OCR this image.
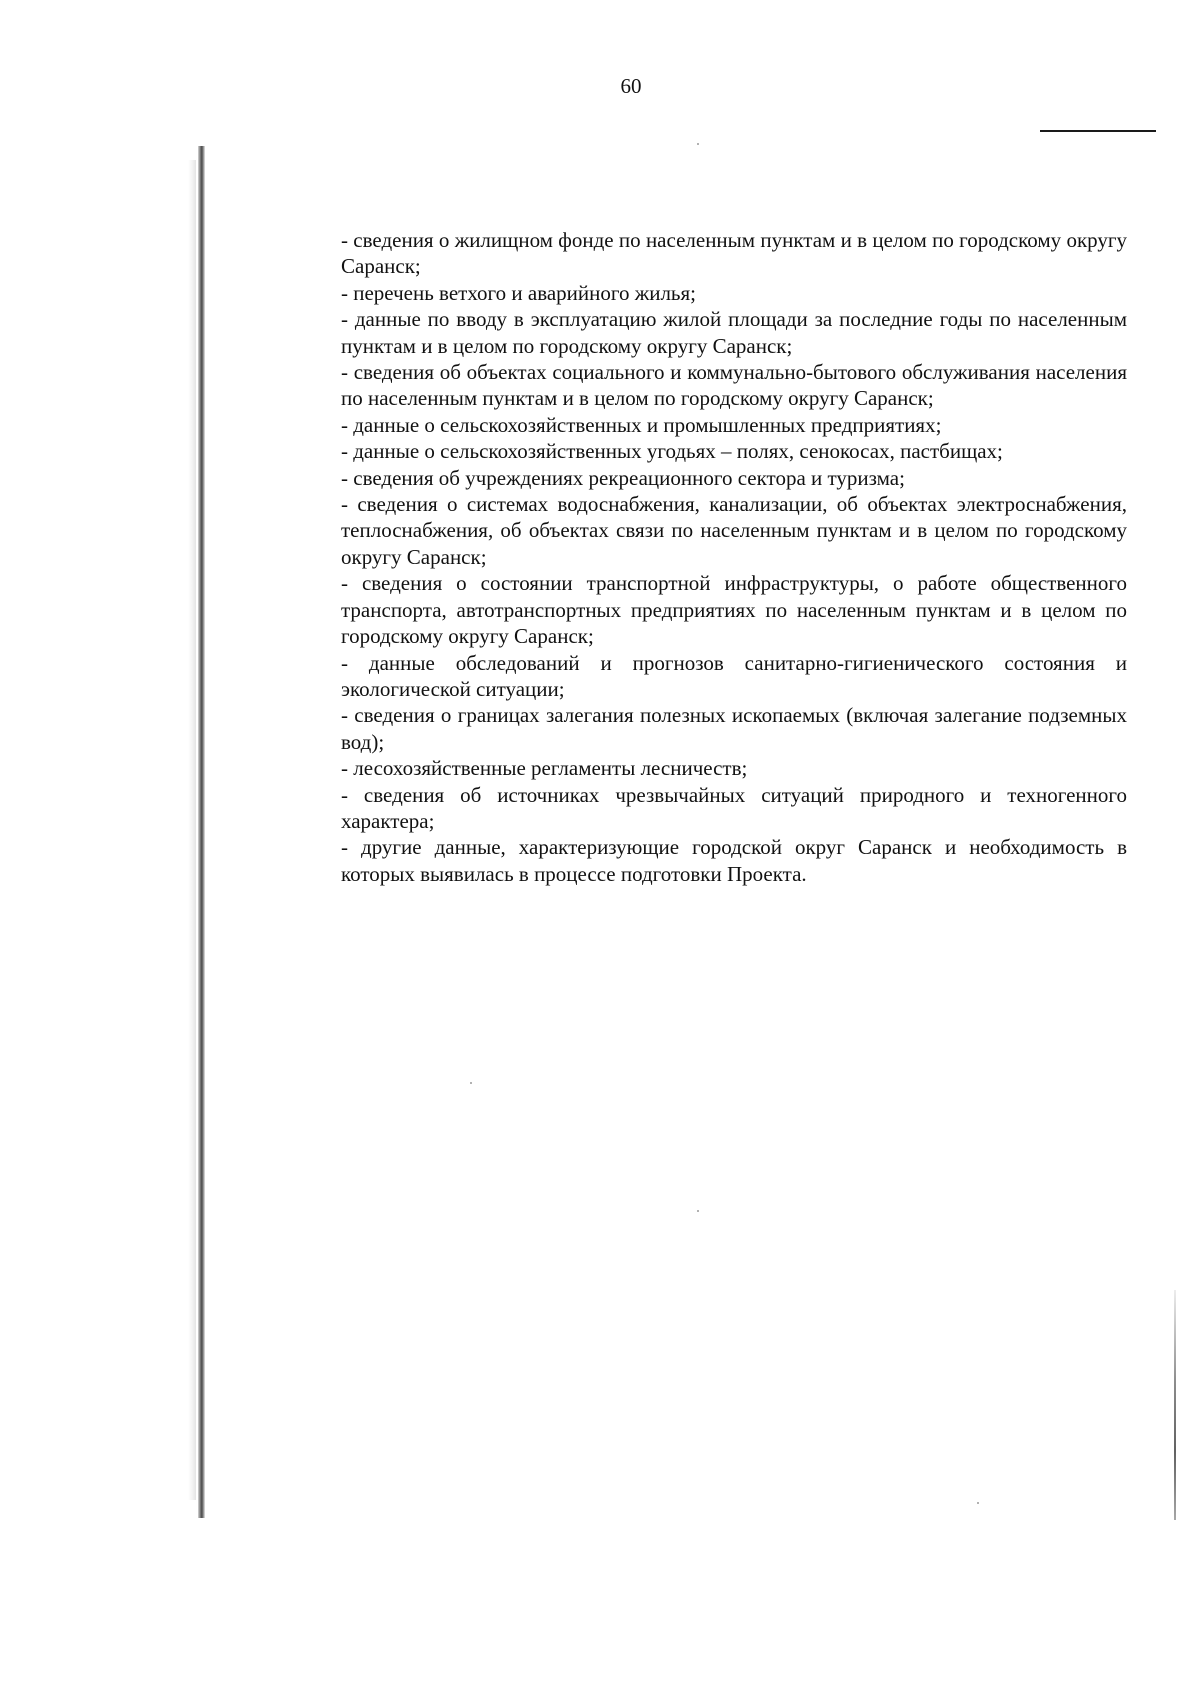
60

- сведения о жилищном фонде по населенным пунктам и в целом по городскому округу Саранск;

- перечень ветхого и аварийного жилья;

- данные по вводу в эксплуатацию жилой площади за последние годы по населенным пунктам и в целом по городскому округу Саранск;

- сведения об объектах социального и коммунально-бытового обслуживания населения по населенным пунктам и в целом по городскому округу Саранск;

- данные о сельскохозяйственных и промышленных предприятиях;

- данные о сельскохозяйственных угодьях – полях, сенокосах, пастбищах;

- сведения об учреждениях рекреационного сектора и туризма;

- сведения о системах водоснабжения, канализации, об объектах электроснабжения, теплоснабжения, об объектах связи по населенным пунктам и в целом по городскому округу Саранск;

- сведения о состоянии транспортной инфраструктуры, о работе общественного транспорта, автотранспортных предприятиях по населенным пунктам и в целом по городскому округу Саранск;

- данные обследований и прогнозов санитарно-гигиенического состояния и экологической ситуации;

- сведения о границах залегания полезных ископаемых (включая залегание подземных вод);

- лесохозяйственные регламенты лесничеств;

- сведения об источниках чрезвычайных ситуаций природного и техногенного характера;

- другие данные, характеризующие городской округ Саранск и необходимость в которых выявилась в процессе подготовки Проекта.
